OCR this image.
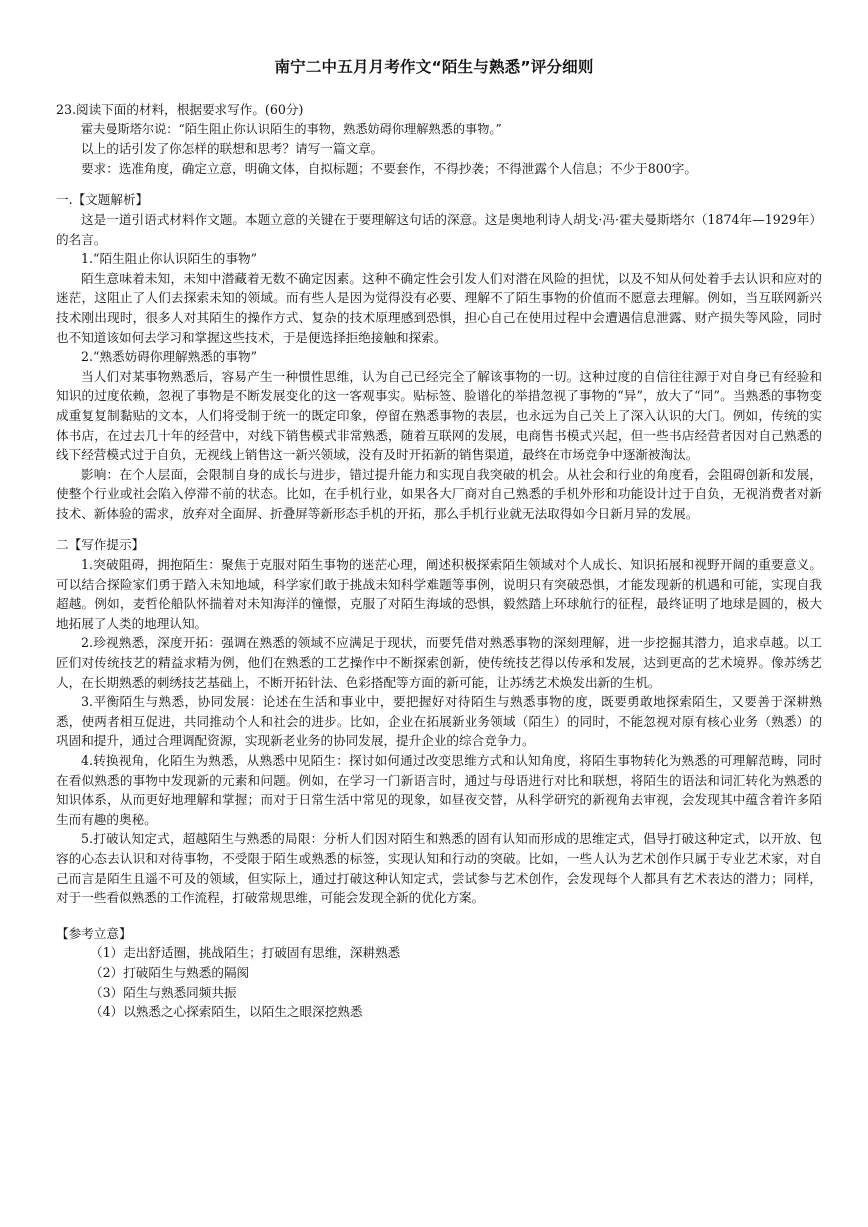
南宁二中五月月考作文“陌生与熟悉”评分细则

23.阅读下面的材料，根据要求写作。(60分)

霍夫曼斯塔尔说：“陌生阻止你认识陌生的事物，熟悉妨碍你理解熟悉的事物。”

以上的话引发了你怎样的联想和思考？请写一篇文章。

要求：选准角度，确定立意，明确文体，自拟标题；不要套作，不得抄袭；不得泄露个人信息；不少于800字。

一.【文题解析】

这是一道引语式材料作文题。本题立意的关键在于要理解这句话的深意。这是奥地利诗人胡戈·冯·霍夫曼斯塔尔（1874年—1929年）的名言。

1.“陌生阻止你认识陌生的事物”

陌生意味着未知，未知中潜藏着无数不确定因素。这种不确定性会引发人们对潜在风险的担忧，以及不知从何处着手去认识和应对的迷茫，这阻止了人们去探索未知的领域。而有些人是因为觉得没有必要、理解不了陌生事物的价值而不愿意去理解。例如，当互联网新兴技术刚出现时，很多人对其陌生的操作方式、复杂的技术原理感到恐惧，担心自己在使用过程中会遭遇信息泄露、财产损失等风险，同时也不知道该如何去学习和掌握这些技术，于是便选择拒绝接触和探索。

2.“熟悉妨碍你理解熟悉的事物”

当人们对某事物熟悉后，容易产生一种惯性思维，认为自己已经完全了解该事物的一切。这种过度的自信往往源于对自身已有经验和知识的过度依赖，忽视了事物是不断发展变化的这一客观事实。贴标签、脸谱化的举措忽视了事物的“异”，放大了“同”。当熟悉的事物变成重复复制黏贴的文本，人们将受制于统一的既定印象，停留在熟悉事物的表层，也永远为自己关上了深入认识的大门。例如，传统的实体书店，在过去几十年的经营中，对线下销售模式非常熟悉，随着互联网的发展，电商售书模式兴起，但一些书店经营者因对自己熟悉的线下经营模式过于自负，无视线上销售这一新兴领域，没有及时开拓新的销售渠道，最终在市场竞争中逐渐被淘汰。

影响：在个人层面，会限制自身的成长与进步，错过提升能力和实现自我突破的机会。从社会和行业的角度看，会阻碍创新和发展，使整个行业或社会陷入停滞不前的状态。比如，在手机行业，如果各大厂商对自己熟悉的手机外形和功能设计过于自负，无视消费者对新技术、新体验的需求，放弃对全面屏、折叠屏等新形态手机的开拓，那么手机行业就无法取得如今日新月异的发展。

二【写作提示】

1.突破阻碍，拥抱陌生：聚焦于克服对陌生事物的迷茫心理，阐述积极探索陌生领域对个人成长、知识拓展和视野开阔的重要意义。可以结合探险家们勇于踏入未知地域，科学家们敢于挑战未知科学难题等事例，说明只有突破恐惧，才能发现新的机遇和可能，实现自我超越。例如，麦哲伦船队怀揣着对未知海洋的憧憬，克服了对陌生海域的恐惧，毅然踏上环球航行的征程，最终证明了地球是圆的，极大地拓展了人类的地理认知。

2.珍视熟悉，深度开拓：强调在熟悉的领域不应满足于现状，而要凭借对熟悉事物的深刻理解，进一步挖掘其潜力，追求卓越。以工匠们对传统技艺的精益求精为例，他们在熟悉的工艺操作中不断探索创新，使传统技艺得以传承和发展，达到更高的艺术境界。像苏绣艺人，在长期熟悉的刺绣技艺基础上，不断开拓针法、色彩搭配等方面的新可能，让苏绣艺术焕发出新的生机。

3.平衡陌生与熟悉，协同发展：论述在生活和事业中，要把握好对待陌生与熟悉事物的度，既要勇敢地探索陌生，又要善于深耕熟悉，使两者相互促进，共同推动个人和社会的进步。比如，企业在拓展新业务领域（陌生）的同时，不能忽视对原有核心业务（熟悉）的巩固和提升，通过合理调配资源，实现新老业务的协同发展，提升企业的综合竞争力。

4.转换视角，化陌生为熟悉，从熟悉中见陌生：探讨如何通过改变思维方式和认知角度，将陌生事物转化为熟悉的可理解范畴，同时在看似熟悉的事物中发现新的元素和问题。例如，在学习一门新语言时，通过与母语进行对比和联想，将陌生的语法和词汇转化为熟悉的知识体系，从而更好地理解和掌握；而对于日常生活中常见的现象，如昼夜交替，从科学研究的新视角去审视，会发现其中蕴含着许多陌生而有趣的奥秘。

5.打破认知定式，超越陌生与熟悉的局限：分析人们因对陌生和熟悉的固有认知而形成的思维定式，倡导打破这种定式，以开放、包容的心态去认识和对待事物，不受限于陌生或熟悉的标签，实现认知和行动的突破。比如，一些人认为艺术创作只属于专业艺术家，对自己而言是陌生且遥不可及的领域，但实际上，通过打破这种认知定式，尝试参与艺术创作，会发现每个人都具有艺术表达的潜力；同样，对于一些看似熟悉的工作流程，打破常规思维，可能会发现全新的优化方案。

【参考立意】

（1）走出舒适圈，挑战陌生；打破固有思维，深耕熟悉

（2）打破陌生与熟悉的隔阂

（3）陌生与熟悉同频共振

（4）以熟悉之心探索陌生，以陌生之眼深挖熟悉
